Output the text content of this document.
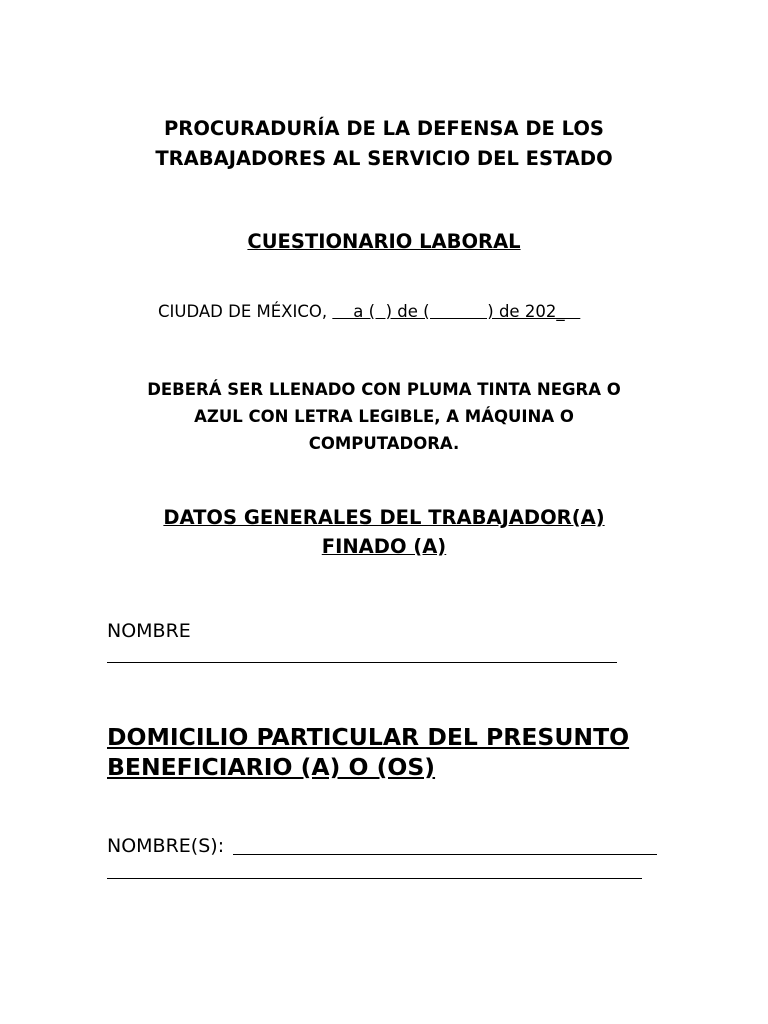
PROCURADURÍA DE LA DEFENSA DE LOS
TRABAJADORES AL SERVICIO DEL ESTADO
CUESTIONARIO LABORAL
CIUDAD DE MÉXICO,     a (  ) de (           ) de 202_
DEBERÁ SER LLENADO CON PLUMA TINTA NEGRA O
AZUL CON LETRA LEGIBLE, A MÁQUINA O
COMPUTADORA.
DATOS GENERALES DEL TRABAJADOR(A)
FINADO (A)
NOMBRE
DOMICILIO PARTICULAR DEL PRESUNTO
BENEFICIARIO (A) O (OS)
NOMBRE(S):
